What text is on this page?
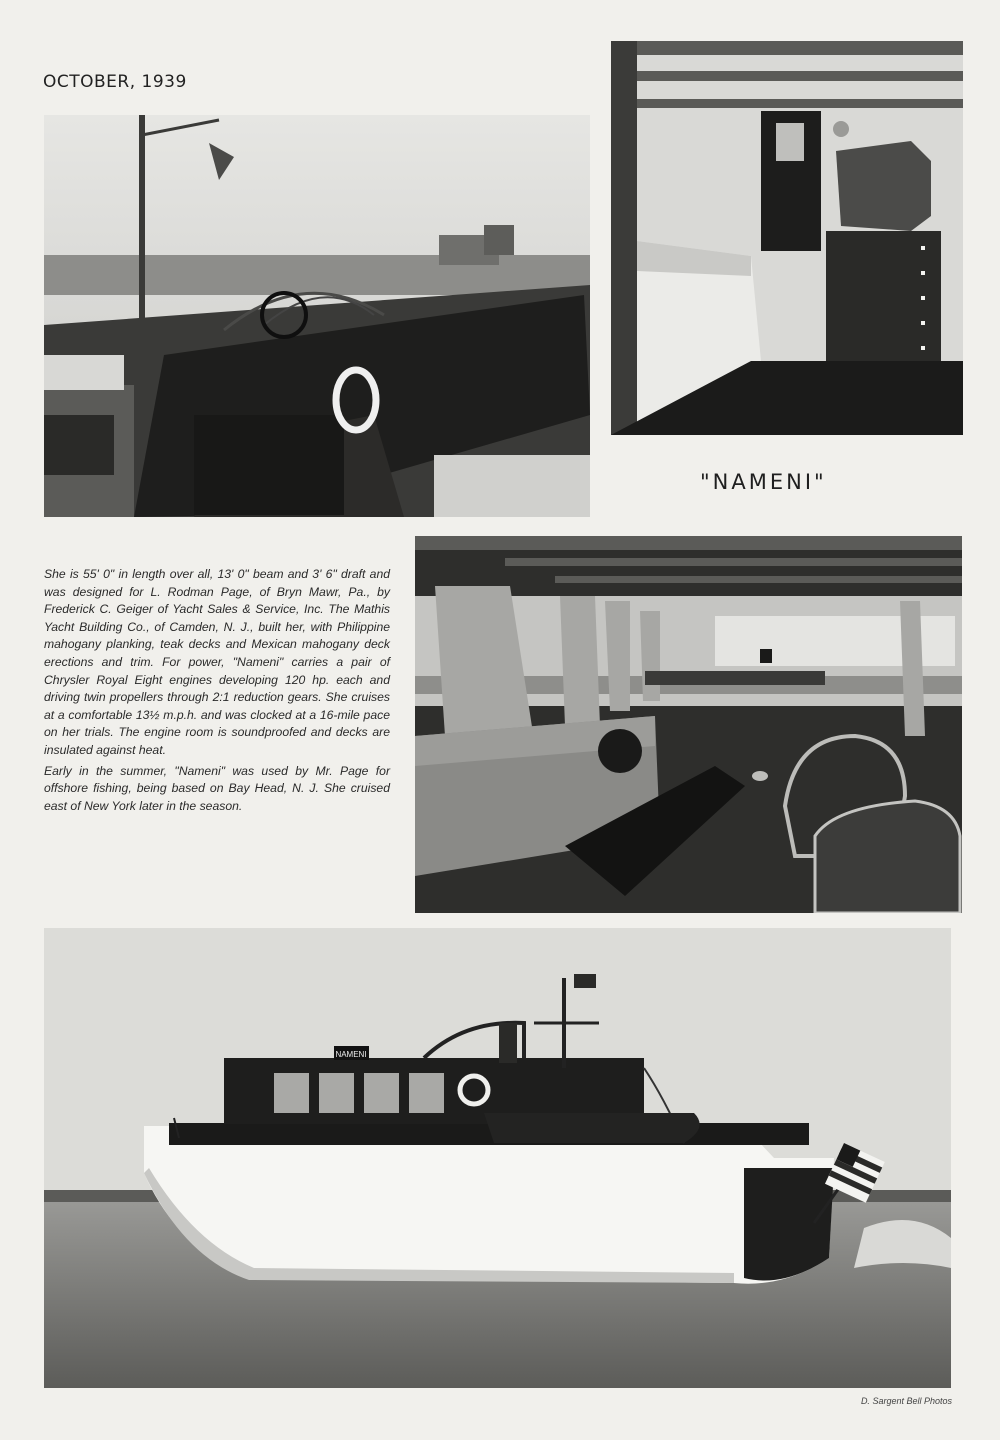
OCTOBER, 1939
"NAMENI"

She is 55' 0" in length over all, 13' 0" beam and 3' 6" draft and was designed for L. Rodman Page, of Bryn Mawr, Pa., by Frederick C. Geiger of Yacht Sales & Service, Inc. The Mathis Yacht Building Co., of Camden, N. J., built her, with Philippine mahogany planking, teak decks and Mexican mahogany deck erections and trim. For power, "Nameni" carries a pair of Chrysler Royal Eight engines developing 120 hp. each and driving twin propellers through 2:1 reduction gears. She cruises at a comfortable 13½ m.p.h. and was clocked at a 16-mile pace on her trials. The engine room is soundproofed and decks are insulated against heat.

Early in the summer, "Nameni" was used by Mr. Page for offshore fishing, being based on Bay Head, N. J. She cruised east of New York later in the season.

NAMENI
D. Sargent Bell Photos
